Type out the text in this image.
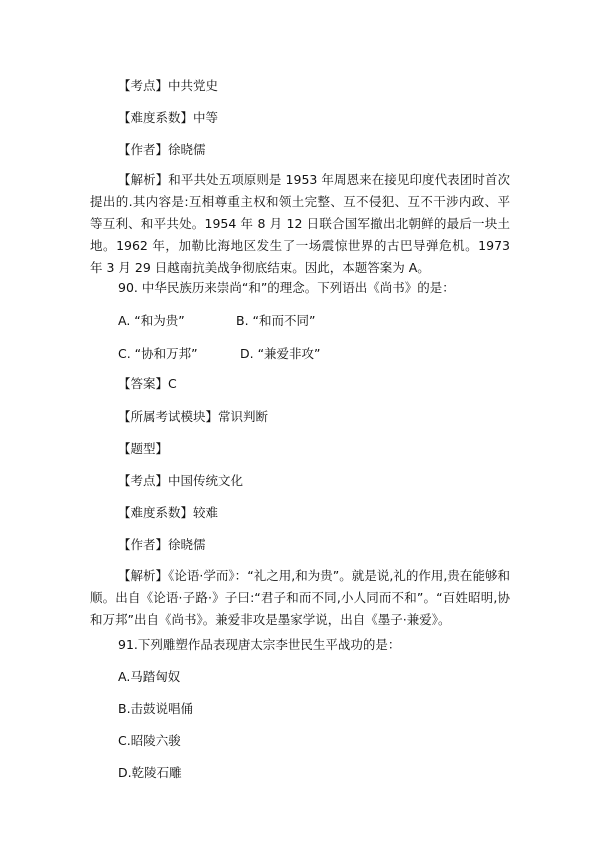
【考点】中共党史
【难度系数】中等
【作者】徐晓儒
【解析】和平共处五项原则是 1953 年周恩来在接见印度代表团时首次提出的.其内容是:互相尊重主权和领土完整、互不侵犯、互不干涉内政、平等互利、和平共处。1954 年 8 月 12 日联合国军撤出北朝鲜的最后一块土地。1962 年，加勒比海地区发生了一场震惊世界的古巴导弹危机。1973 年 3 月 29 日越南抗美战争彻底结束。因此，本题答案为 A。
90. 中华民族历来崇尚“和”的理念。下列语出《尚书》的是：
A. “和为贵”	B. “和而不同”
C. “协和万邦”	D. “兼爱非攻”
【答案】C
【所属考试模块】常识判断
【题型】
【考点】中国传统文化
【难度系数】较难
【作者】徐晓儒
【解析】《论语·学而》：“礼之用,和为贵”。就是说,礼的作用,贵在能够和顺。出自《论语·子路·》子曰:“君子和而不同,小人同而不和”。“百姓昭明,协和万邦”出自《尚书》。兼爱非攻是墨家学说，出自《墨子·兼爱》。
91.下列雕塑作品表现唐太宗李世民生平战功的是：
A.马踏匈奴
B.击鼓说唱俑
C.昭陵六骏
D.乾陵石雕
